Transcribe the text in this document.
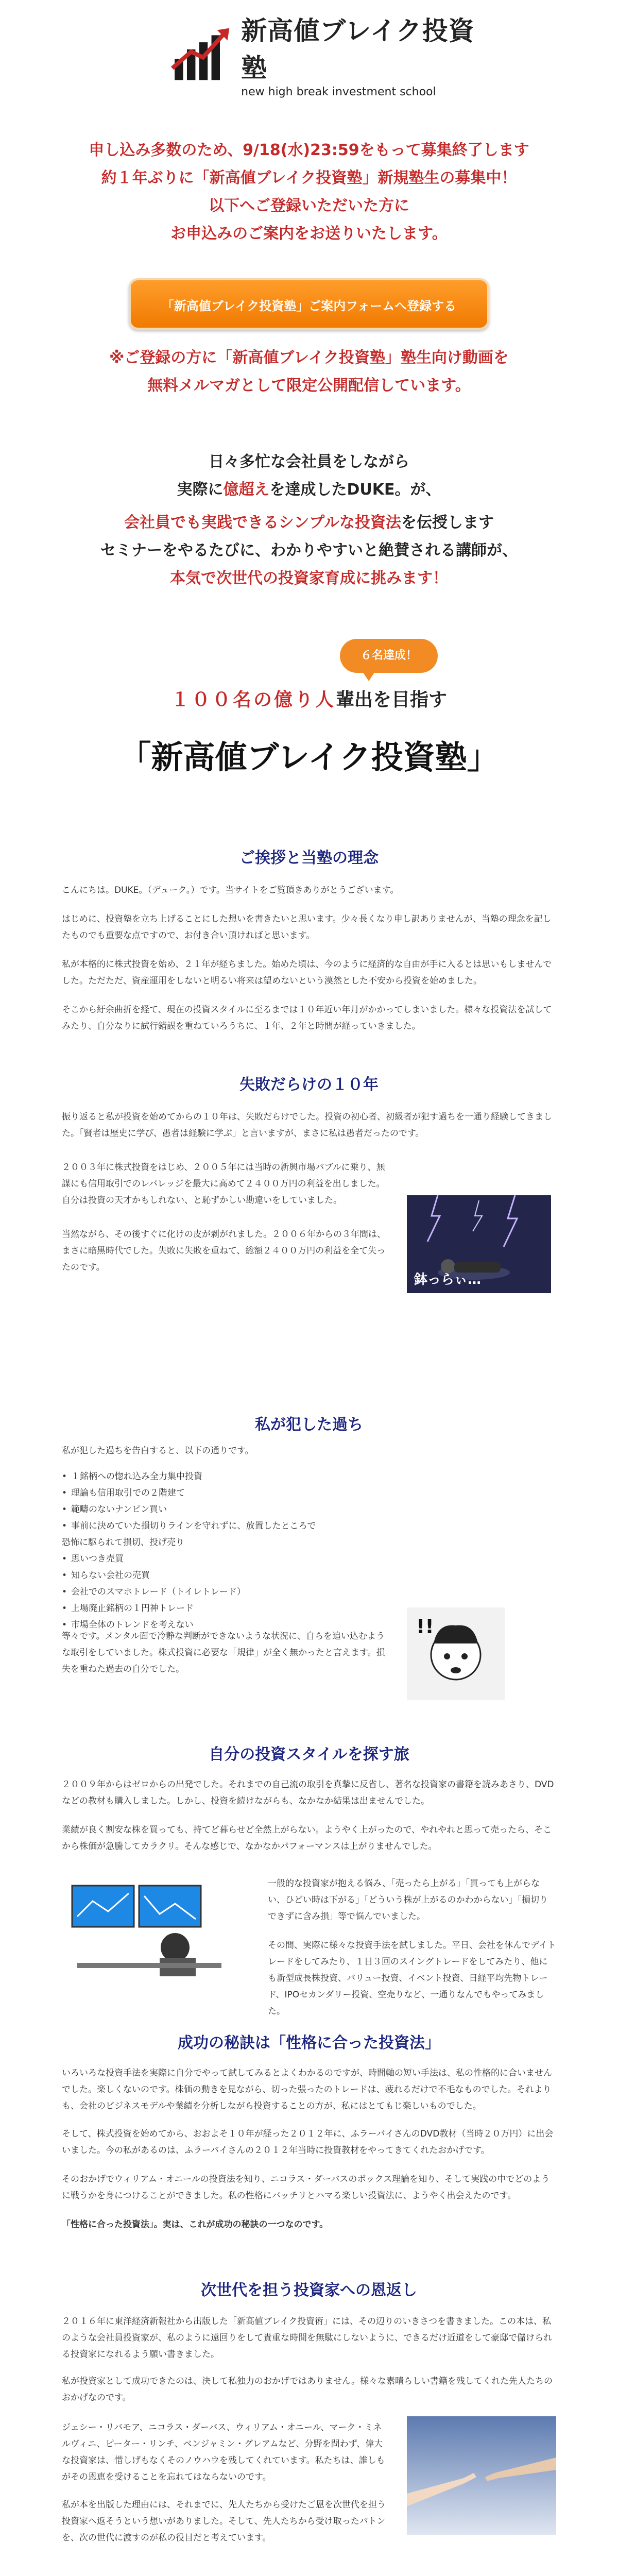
新高値ブレイク投資塾
new high break investment school

申し込み多数のため、9/18(水)23:59をもって募集終了します

約１年ぶりに「新高値ブレイク投資塾」新規塾生の募集中！

以下へご登録いただいた方に

お申込みのご案内をお送りいたします。

「新高値ブレイク投資塾」ご案内フォームへ登録する

※ご登録の方に「新高値ブレイク投資塾」塾生向け動画を

無料メルマガとして限定公開配信しています。

日々多忙な会社員をしながら

実際に億超えを達成したDUKE。が、

会社員でも実践できるシンプルな投資法を伝授します

セミナーをやるたびに、わかりやすいと絶賛される講師が、

本気で次世代の投資家育成に挑みます！

６名達成！
１００名の億り人輩出を目指す
「新高値ブレイク投資塾」
ご挨拶と当塾の理念
こんにちは。DUKE。（デューク。）です。当サイトをご覧頂きありがとうございます。
はじめに、投資塾を立ち上げることにした想いを書きたいと思います。少々長くなり申し訳ありませんが、当塾の理念を記したものでも重要な点ですので、お付き合い頂ければと思います。
私が本格的に株式投資を始め、２１年が経ちました。始めた頃は、今のように経済的な自由が手に入るとは思いもしませんでした。ただただ、資産運用をしないと明るい将来は望めないという漠然とした不安から投資を始めました。
そこから紆余曲折を経て、現在の投資スタイルに至るまでは１０年近い年月がかかってしまいました。様々な投資法を試してみたり、自分なりに試行錯誤を重ねていろうちに、１年、２年と時間が経っていきました。
失敗だらけの１０年
振り返ると私が投資を始めてからの１０年は、失敗だらけでした。投資の初心者、初級者が犯す過ちを一通り経験してきました。「賢者は歴史に学び、愚者は経験に学ぶ」と言いますが、まさに私は愚者だったのです。
２００３年に株式投資をはじめ、２００５年には当時の新興市場バブルに乗り、無謀にも信用取引でのレバレッジを最大に高めて２４００万円の利益を出しました。自分は投資の天才かもしれない、と恥ずかしい勘違いをしていました。
当然ながら、その後すぐに化けの皮が剥がれました。２００６年からの３年間は、まさに暗黒時代でした。失敗に失敗を重ねて、総額２４００万円の利益を全て失ったのです。
鉢っらぃ…
私が犯した過ち
私が犯した過ちを告白すると、以下の通りです。
• １銘柄への惚れ込み全力集中投資
• 理論も信用取引での２階建て
• 範疇のないナンピン買い
• 事前に決めていた損切りラインを守れずに、放置したところで恐怖に駆られて損切、投げ売り
• 思いつき売買
• 知らない会社の売買
• 会社でのスマホトレード（トイレトレード）
• 上場廃止銘柄の１円神トレード
• 市場全体のトレンドを考えない	!!
等々です。メンタル面で冷静な判断ができないような状況に、自らを追い込むような取引をしていました。株式投資に必要な「規律」が全く無かったと言えます。損失を重ねた過去の自分でした。
自分の投資スタイルを探す旅
２００９年からはゼロからの出発でした。それまでの自己流の取引を真摯に反省し、著名な投資家の書籍を読みあさり、DVDなどの教材も購入しました。しかし、投資を続けながらも、なかなか結果は出ませんでした。
業績が良く割安な株を買っても、持てど暮らせど全然上がらない。ようやく上がったので、やれやれと思って売ったら、そこから株価が急騰してカラクリ。そんな感じで、なかなかパフォーマンスは上がりませんでした。
一般的な投資家が抱える悩み、「売ったら上がる」「買っても上がらない、ひどい時は下がる」「どういう株が上がるのかわからない」「損切りできずに含み損」等で悩んでいました。
その間、実際に様々な投資手法を試しました。平日、会社を休んでデイトレードをしてみたり、１日３回のスイングトレードをしてみたり、他にも新型成長株投資、バリュー投資、イベント投資、日経平均先物トレード、IPOセカンダリー投資、空売りなど、一通りなんでもやってみました。
成功の秘訣は「性格に合った投資法」
いろいろな投資手法を実際に自分でやって試してみるとよくわかるのですが、時間軸の短い手法は、私の性格的に合いませんでした。楽しくないのです。株価の動きを見ながら、切った張ったのトレードは、疲れるだけで不毛なものでした。それよりも、会社のビジネスモデルや業績を分析しながら投資することの方が、私にはとてもじ楽しいものでした。
そして、株式投資を始めてから、おおよそ１０年が経った２０１２年に、ふラーバイさんのDVD教材（当時２０万円）に出会いました。今の私があるのは、ふラーバイさんの２０１２年当時に投資教材をやってきてくれたおかげです。
そのおかげでウィリアム・オニールの投資法を知り、ニコラス・ダーバスのボックス理論を知り、そして実践の中でどのように戦うかを身につけることができました。私の性格にバッチリとハマる楽しい投資法に、ようやく出会えたのです。
「性格に合った投資法」。実は、これが成功の秘訣の一つなのです。
次世代を担う投資家への恩返し
２０１６年に東洋経済新報社から出版した「新高値ブレイク投資術」には、その辺りのいきさつを書きました。この本は、私のような会社員投資家が、私のように遠回りをして貴重な時間を無駄にしないように、できるだけ近道をして豪邸で儲けられる投資家になれるよう願い書きました。
私が投資家として成功できたのは、決して私独力のおかげではありません。様々な素晴らしい書籍を残してくれた先人たちのおかげなのです。
ジェシー・リバモア、ニコラス・ダーバス、ウィリアム・オニール、マーク・ミネルヴィニ、ピーター・リンチ、ベンジャミン・グレアムなど、分野を問わず、偉大な投資家は、惜しげもなくそのノウハウを残してくれています。私たちは、誰しもがその恩恵を受けることを忘れてはならないのです。
私が本を出版した理由には、それまでに、先人たちから受けたご恩を次世代を担う投資家へ返そうという想いがありました。そして、先人たちから受け取ったバトンを、次の世代に渡すのが私の役目だと考えています。
